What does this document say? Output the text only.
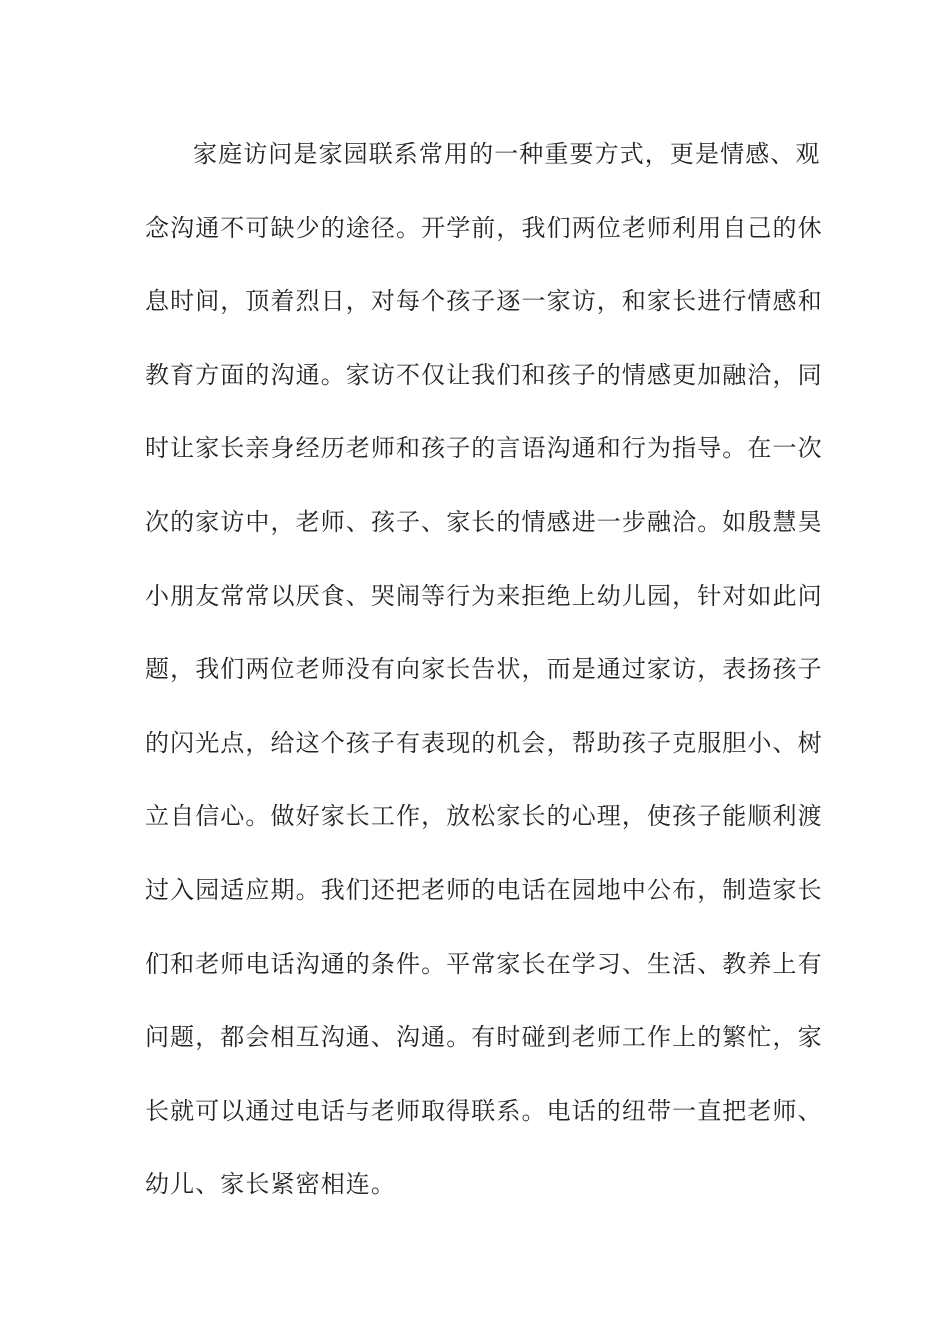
家庭访问是家园联系常用的一种重要方式，更是情感、观
念沟通不可缺少的途径。开学前，我们两位老师利用自己的休
息时间，顶着烈日，对每个孩子逐一家访，和家长进行情感和
教育方面的沟通。家访不仅让我们和孩子的情感更加融洽，同
时让家长亲身经历老师和孩子的言语沟通和行为指导。在一次
次的家访中，老师、孩子、家长的情感进一步融洽。如殷慧昊
小朋友常常以厌食、哭闹等行为来拒绝上幼儿园，针对如此问
题，我们两位老师没有向家长告状，而是通过家访，表扬孩子
的闪光点，给这个孩子有表现的机会，帮助孩子克服胆小、树
立自信心。做好家长工作，放松家长的心理，使孩子能顺利渡
过入园适应期。我们还把老师的电话在园地中公布，制造家长
们和老师电话沟通的条件。平常家长在学习、生活、教养上有
问题，都会相互沟通、沟通。有时碰到老师工作上的繁忙，家
长就可以通过电话与老师取得联系。电话的纽带一直把老师、
幼儿、家长紧密相连。
